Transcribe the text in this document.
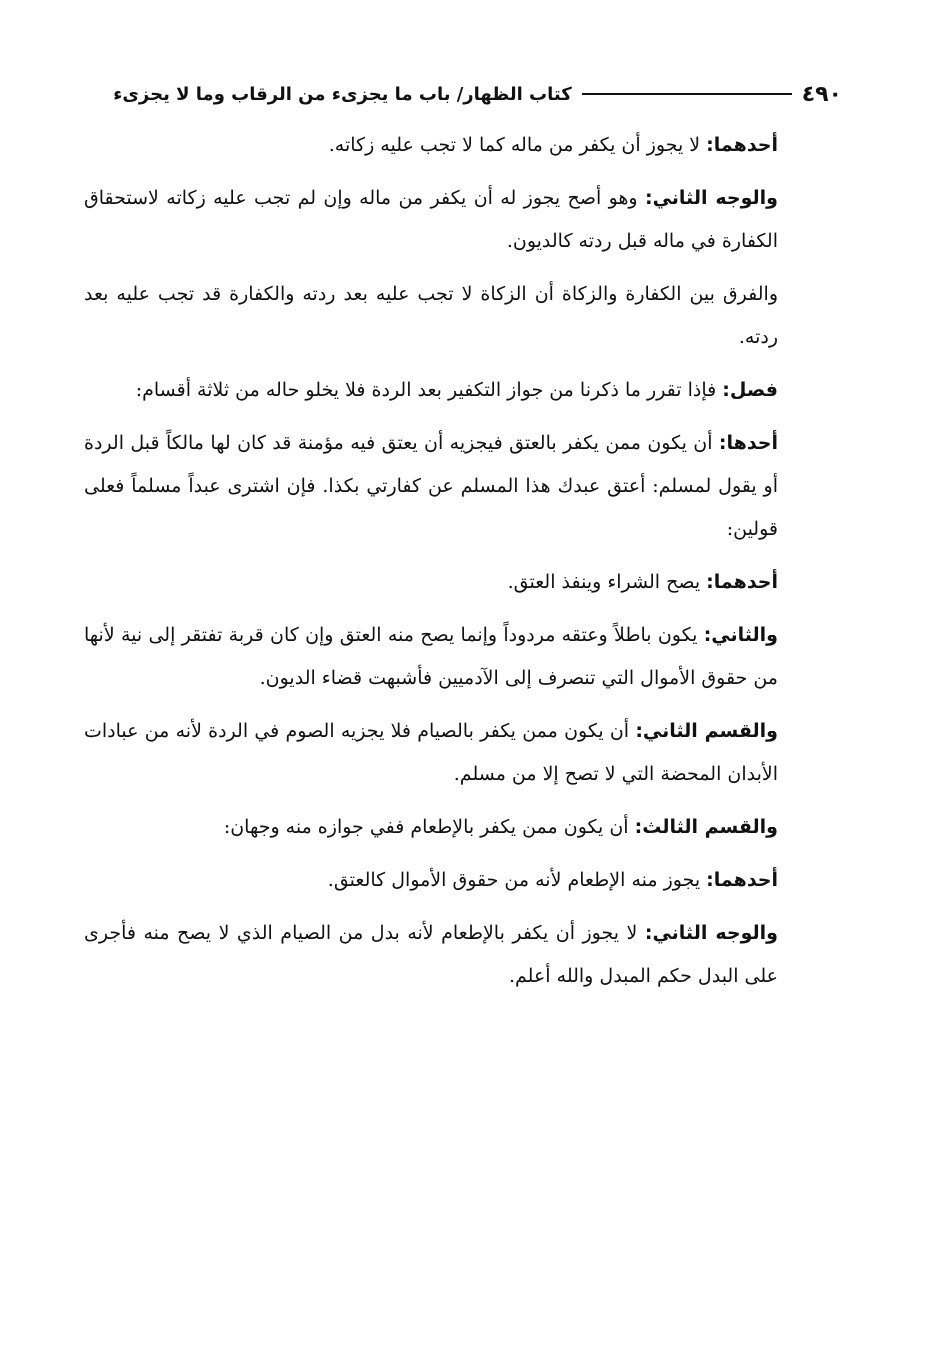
٤٩٠
كتاب الظهار/ باب ما يجزىء من الرقاب وما لا يجزىء

أحدهما: لا يجوز أن يكفر من ماله كما لا تجب عليه زكاته.

والوجه الثاني: وهو أصح يجوز له أن يكفر من ماله وإن لم تجب عليه زكاته لاستحقاق الكفارة في ماله قبل ردته كالديون.

والفرق بين الكفارة والزكاة أن الزكاة لا تجب عليه بعد ردته والكفارة قد تجب عليه بعد ردته.

فصل: فإذا تقرر ما ذكرنا من جواز التكفير بعد الردة فلا يخلو حاله من ثلاثة أقسام:

أحدها: أن يكون ممن يكفر بالعتق فيجزيه أن يعتق فيه مؤمنة قد كان لها مالكاً قبل الردة أو يقول لمسلم: أعتق عبدك هذا المسلم عن كفارتي بكذا. فإن اشترى عبداً مسلماً فعلى قولين:

أحدهما: يصح الشراء وينفذ العتق.

والثاني: يكون باطلاً وعتقه مردوداً وإنما يصح منه العتق وإن كان قربة تفتقر إلى نية لأنها من حقوق الأموال التي تنصرف إلى الآدميين فأشبهت قضاء الديون.

والقسم الثاني: أن يكون ممن يكفر بالصيام فلا يجزيه الصوم في الردة لأنه من عبادات الأبدان المحضة التي لا تصح إلا من مسلم.

والقسم الثالث: أن يكون ممن يكفر بالإطعام ففي جوازه منه وجهان:

أحدهما: يجوز منه الإطعام لأنه من حقوق الأموال كالعتق.

والوجه الثاني: لا يجوز أن يكفر بالإطعام لأنه بدل من الصيام الذي لا يصح منه فأجرى على البدل حكم المبدل والله أعلم.
